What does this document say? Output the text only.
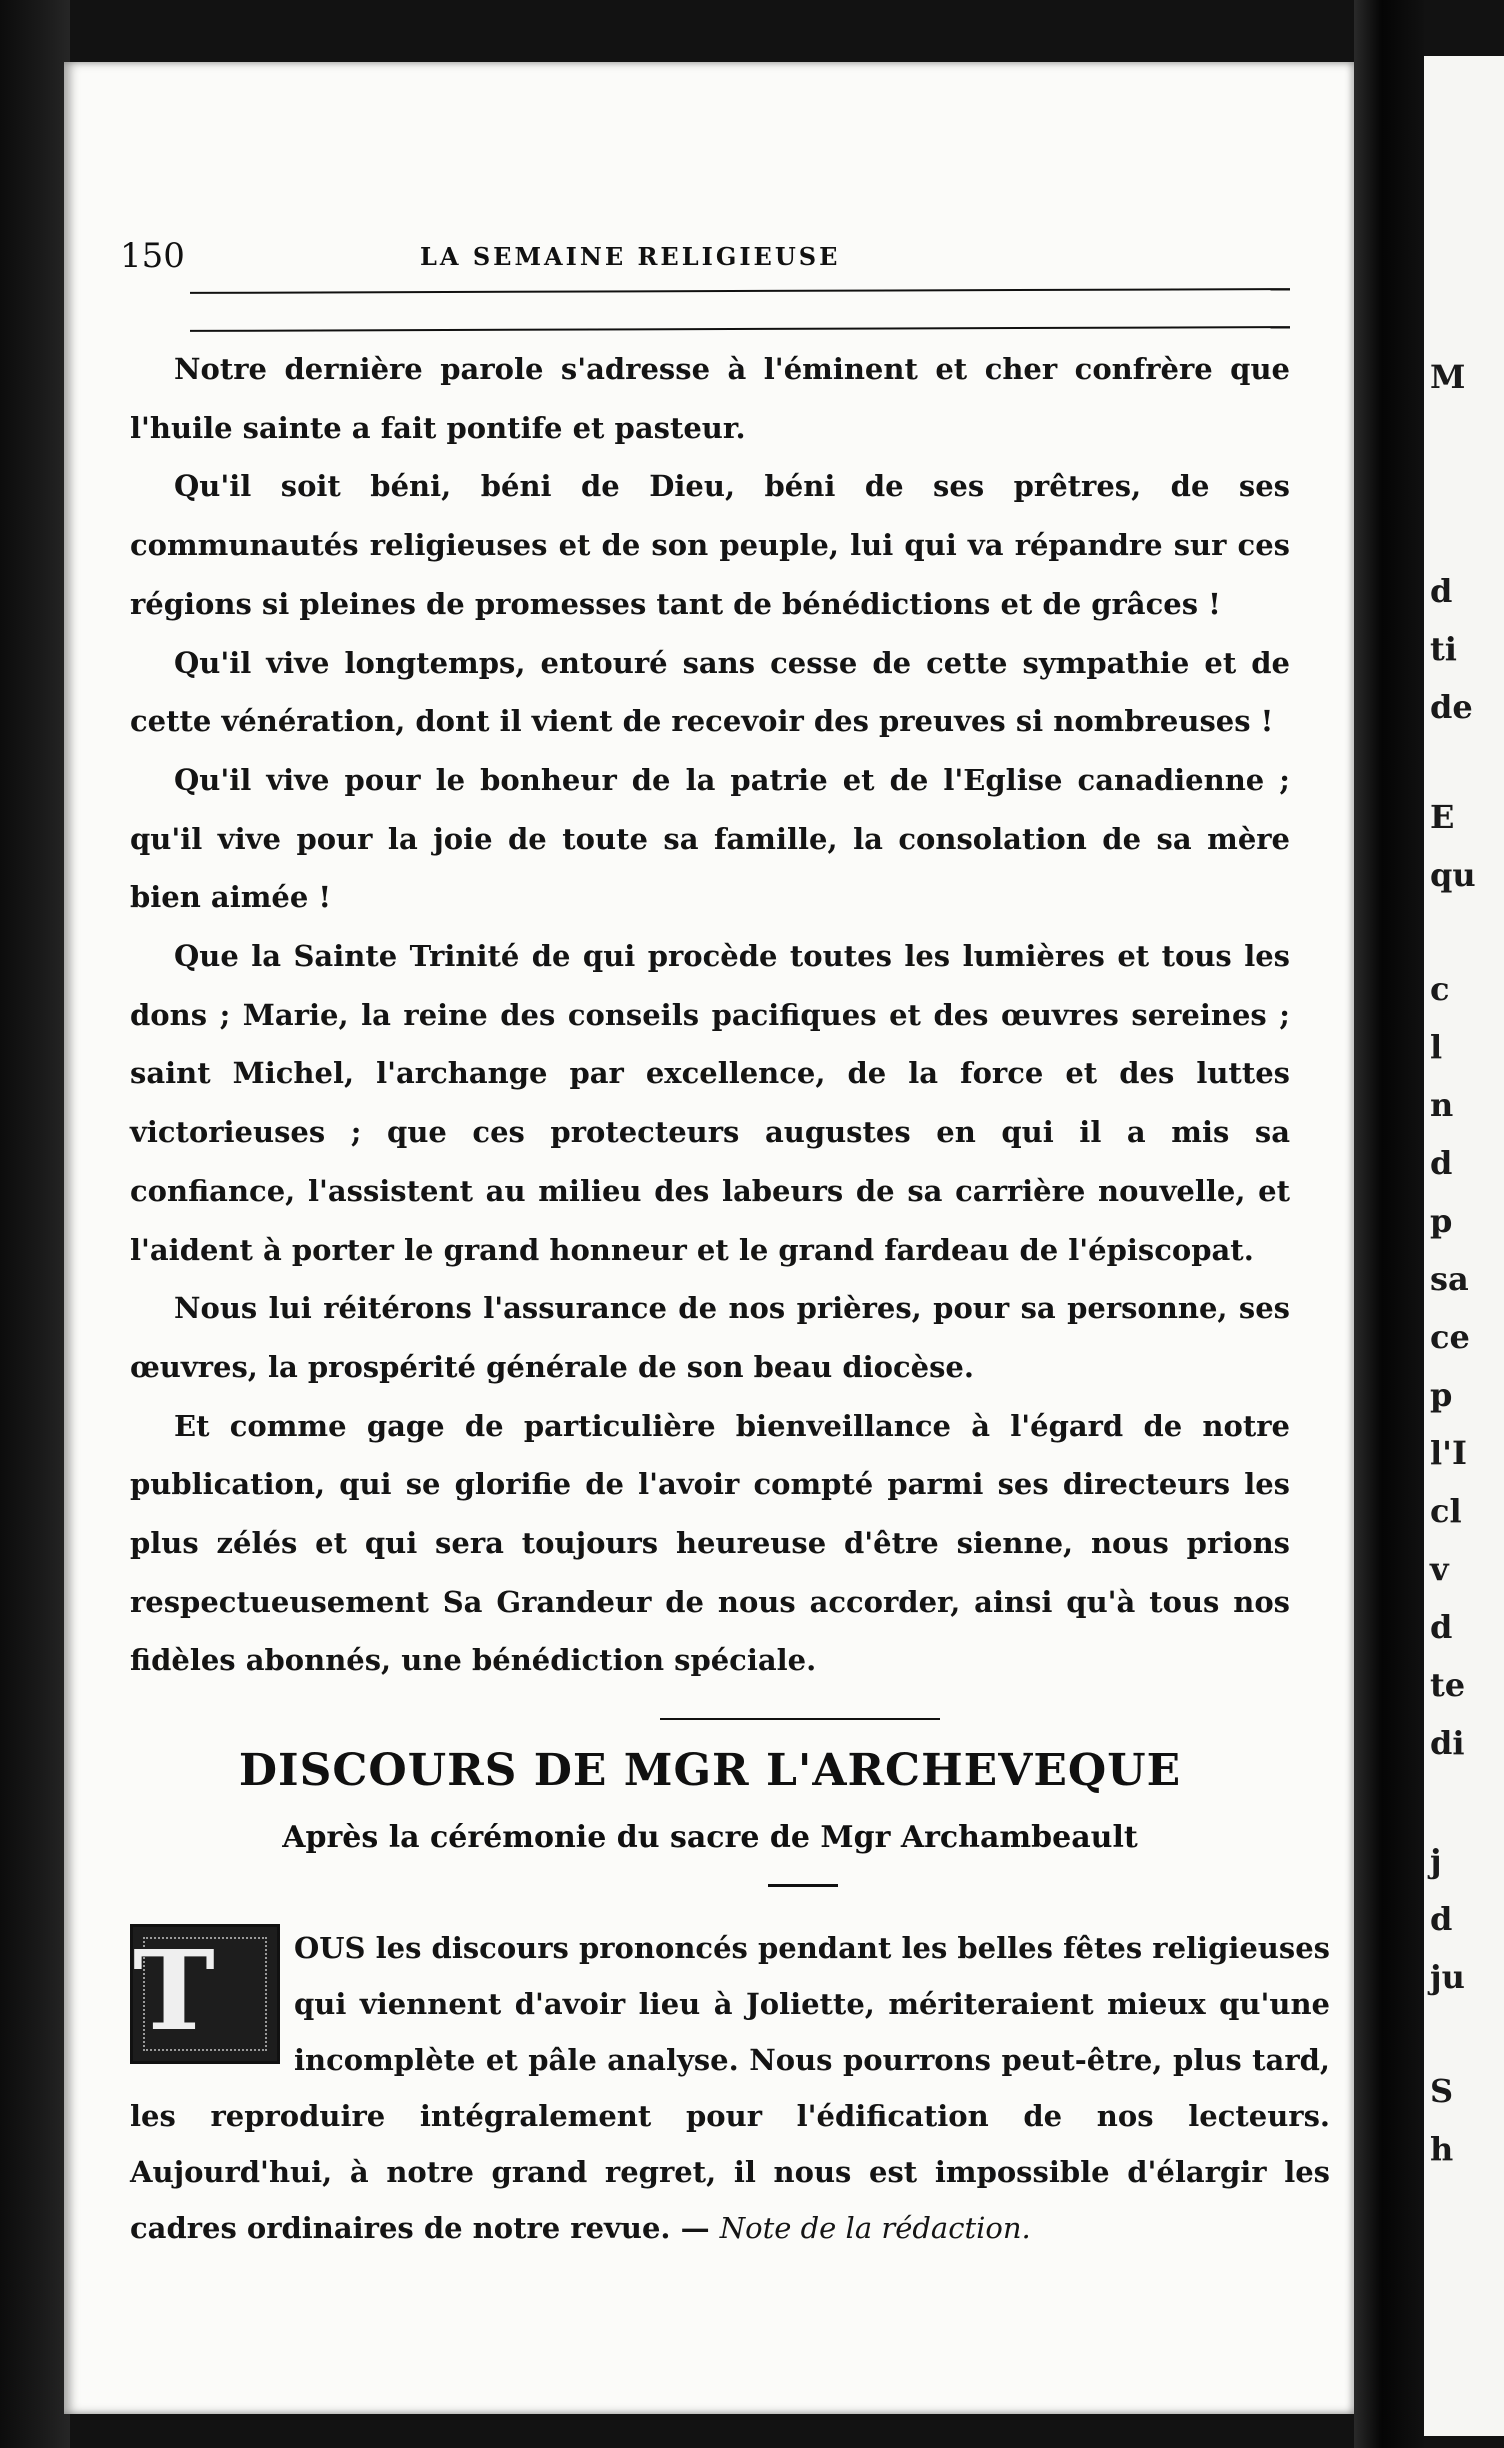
150	LA SEMAINE RELIGIEUSE

Notre dernière parole s'adresse à l'éminent et cher confrère que l'huile sainte a fait pontife et pasteur.

Qu'il soit béni, béni de Dieu, béni de ses prêtres, de ses communautés religieuses et de son peuple, lui qui va répandre sur ces régions si pleines de promesses tant de bénédictions et de grâces !

Qu'il vive longtemps, entouré sans cesse de cette sympathie et de cette vénération, dont il vient de recevoir des preuves si nombreuses !

Qu'il vive pour le bonheur de la patrie et de l'Eglise canadienne ; qu'il vive pour la joie de toute sa famille, la consolation de sa mère bien aimée !

Que la Sainte Trinité de qui procède toutes les lumières et tous les dons ; Marie, la reine des conseils pacifiques et des œuvres sereines ; saint Michel, l'archange par excellence, de la force et des luttes victorieuses ; que ces protecteurs augustes en qui il a mis sa confiance, l'assistent au milieu des labeurs de sa carrière nouvelle, et l'aident à porter le grand honneur et le grand fardeau de l'épiscopat.

Nous lui réitérons l'assurance de nos prières, pour sa personne, ses œuvres, la prospérité générale de son beau diocèse.

Et comme gage de particulière bienveillance à l'égard de notre publication, qui se glorifie de l'avoir compté parmi ses directeurs les plus zélés et qui sera toujours heureuse d'être sienne, nous prions respectueusement Sa Grandeur de nous accorder, ainsi qu'à tous nos fidèles abonnés, une bénédiction spéciale.

DISCOURS DE MGR L'ARCHEVEQUE
Après la cérémonie du sacre de Mgr Archambeault
T	OUS les discours prononcés pendant les belles fêtes religieuses qui viennent d'avoir lieu à Joliette, mériteraient mieux qu'une incomplète et pâle analyse. Nous pourrons peut-être, plus tard, les reproduire intégralement pour l'édification de nos lecteurs. Aujourd'hui, à notre grand regret, il nous est impossible d'élargir les cadres ordinaires de notre revue. — Note de la rédaction.

M
d
ti
de
E
qu
c
l
n
d
p
sa
ce
p
l'I
cl
v
d
te
di
j
d
ju
S
h
